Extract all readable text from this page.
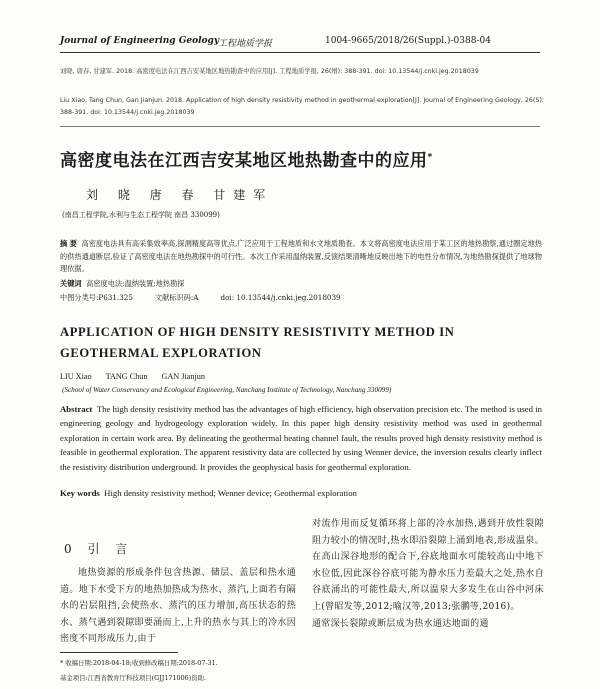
Journal of Engineering Geology
工程地质学报	1004-9665/2018/26(Suppl.)-0388-04
刘晓, 唐春, 甘建军. 2018. 高密度电法在江西吉安某地区地热勘查中的应用[J]. 工程地质学报, 26(增): 388-391. doi: 10.13544/j.cnki.jeg.2018039
Liu Xiao, Tang Chun, Gan Jianjun. 2018. Application of high density resistivity method in geothermal exploration[J]. Journal of Engineering Geology, 26(S): 388-391. doi: 10.13544/j.cnki.jeg.2018039
高密度电法在江西吉安某地区地热勘查中的应用*
刘 晓 唐 春 甘建军
(南昌工程学院,水利与生态工程学院 南昌 330099)
摘 要 高密度电法具有高采集效率高,探测精度高等优点,广泛应用于工程地质和水文地质勘查。本文将高密度电法应用于某工区的地热勘察,通过圈定地热的供热通道断层,验证了高密度电法在地热勘探中的可行性。本次工作采用温纳装置,反演结果清晰地反映出地下的电性分布情况,为地热勘探提供了地球物理依据。
关键词 高密度电法;温纳装置;地热勘探
中图分类号:P631.325	文献标识码:A	doi: 10.13544/j.cnki.jeg.2018039
APPLICATION OF HIGH DENSITY RESISTIVITY METHOD IN GEOTHERMAL EXPLORATION
LIU Xiao TANG Chun GAN Jianjun
(School of Water Conservancy and Ecological Engineering, Nanchang Institute of Technology, Nanchang 330099)
Abstract The high density resistivity method has the advantages of high efficiency, high observation precision etc. The method is used in engineering geology and hydrogeology exploration widely. In this paper high density resistivity method was used in geothermal exploration in certain work area. By delineating the geothermal heating channel fault, the results proved high density resistivity method is feasible in geothermal exploration. The apparent resistivity data are collected by using Wenner device, the inversion results clearly inflect the resistivity distribution underground. It provides the geophysical basis for geothermal exploration.
Key words High density resistivity method; Wenner device; Geothermal exploration
0 引 言
地热资源的形成条件包含热源、储层、盖层和热水通道。地下水受下方的地热加热成为热水、蒸汽,上面若有隔水的岩层阻挡,会使热水、蒸汽的压力增加,高压状态的热水、蒸气遇到裂隙即要涌而上,上升的热水与其上的冷水因密度不同形成压力,由于
对流作用而反复循环将上部的冷水加热,遇到开放性裂隙阻力较小的情况时,热水即沿裂隙上涌到地表,形成温泉。在高山深谷地形的配合下,谷底地面水可能较高山中地下水位低,因此深谷谷底可能为静水压力差最大之处,热水自谷底涌出的可能性最大,所以温泉大多发生在山谷中河床上(曾昭发等,2012;喻汉等,2013;张鹏等,2016)。
通常深长裂隙或断层成为热水通达地面的通
* 收稿日期:2018-04-18;收到修改稿日期:2018-07-31.
基金项目:江西省教育厅科技项目(GJJ171006)资助.
